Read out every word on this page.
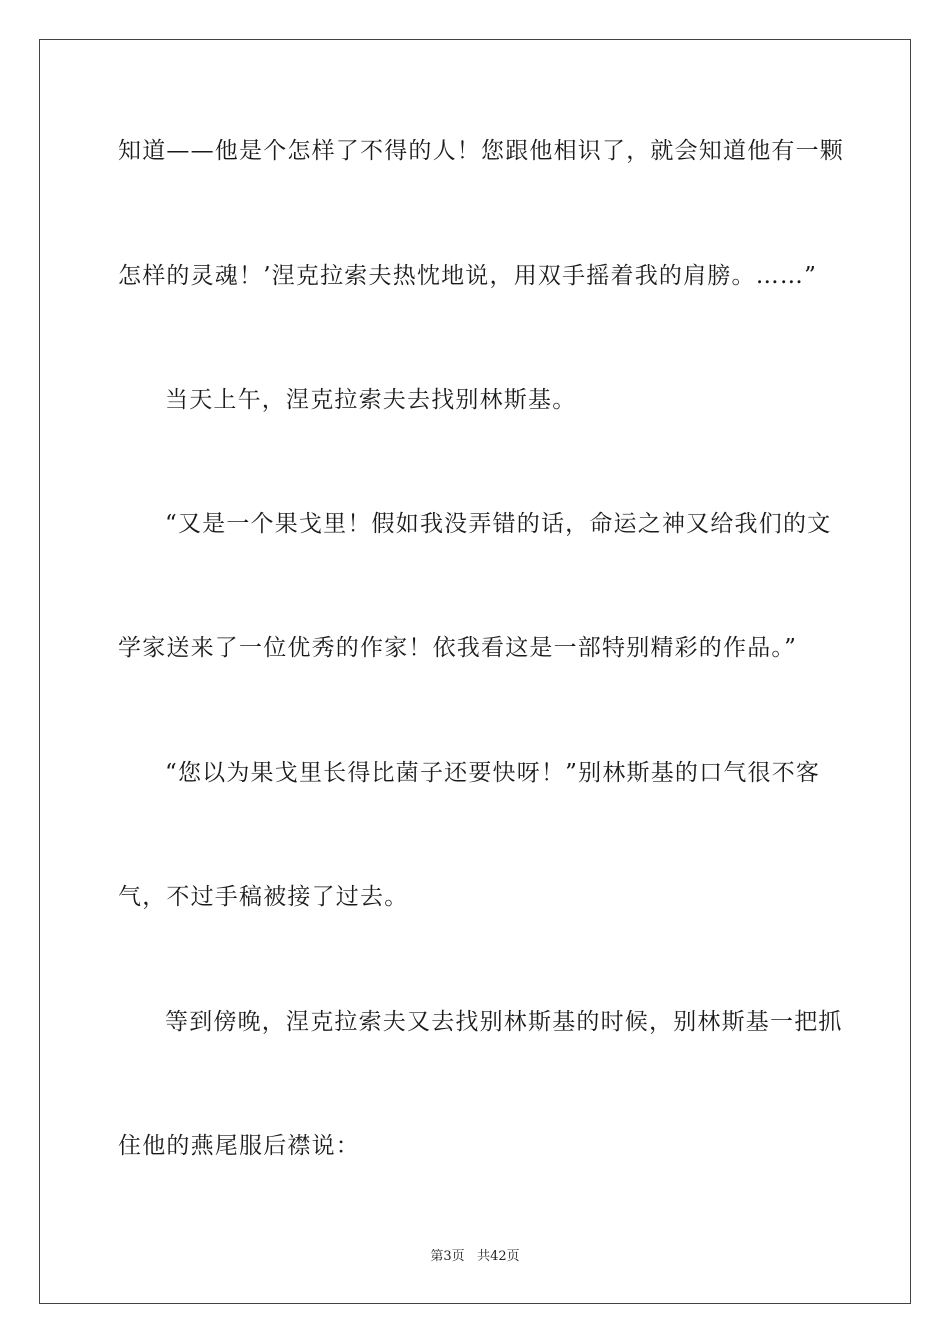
知道——他是个怎样了不得的人！您跟他相识了，就会知道他有一颗
怎样的灵魂！’涅克拉索夫热忱地说，用双手摇着我的肩膀。……”
当天上午，涅克拉索夫去找别林斯基。
“又是一个果戈里！假如我没弄错的话，命运之神又给我们的文
学家送来了一位优秀的作家！依我看这是一部特别精彩的作品。”
“您以为果戈里长得比菌子还要快呀！”别林斯基的口气很不客
气，不过手稿被接了过去。
等到傍晚，涅克拉索夫又去找别林斯基的时候，别林斯基一把抓
住他的燕尾服后襟说：
第3页 共42页
